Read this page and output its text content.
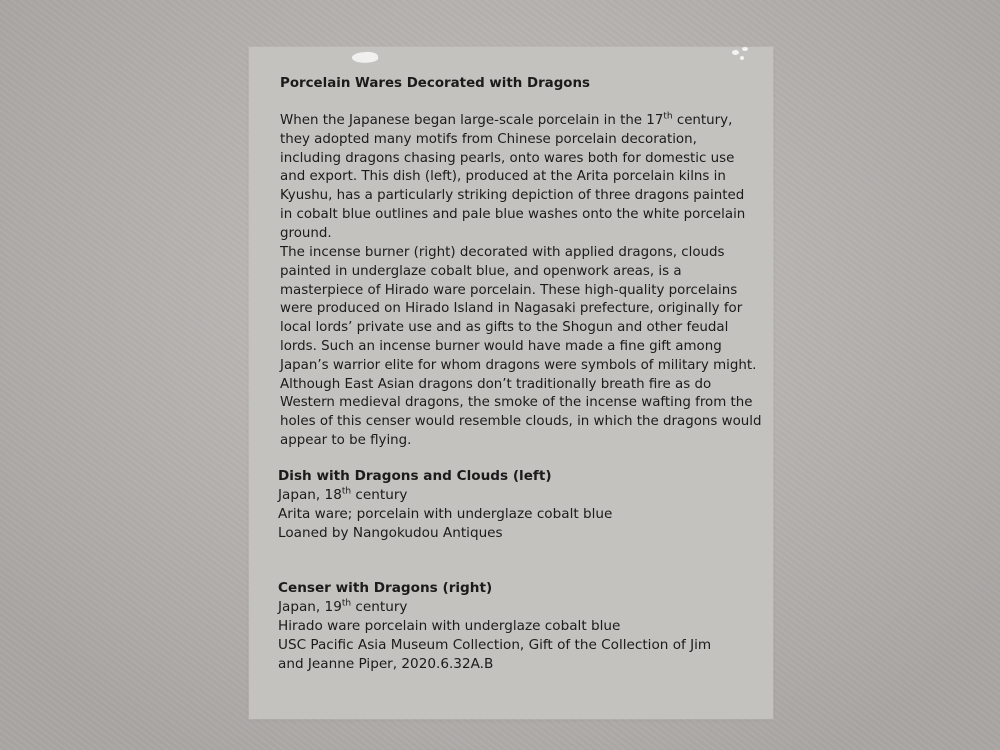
Porcelain Wares Decorated with Dragons
When the Japanese began large-scale porcelain in the 17th century, they adopted many motifs from Chinese porcelain decoration, including dragons chasing pearls, onto wares both for domestic use and export. This dish (left), produced at the Arita porcelain kilns in Kyushu, has a particularly striking depiction of three dragons painted in cobalt blue outlines and pale blue washes onto the white porcelain ground.
The incense burner (right) decorated with applied dragons, clouds painted in underglaze cobalt blue, and openwork areas, is a masterpiece of Hirado ware porcelain. These high-quality porcelains were produced on Hirado Island in Nagasaki prefecture, originally for local lords’ private use and as gifts to the Shogun and other feudal lords. Such an incense burner would have made a fine gift among Japan’s warrior elite for whom dragons were symbols of military might. Although East Asian dragons don’t traditionally breath fire as do Western medieval dragons, the smoke of the incense wafting from the holes of this censer would resemble clouds, in which the dragons would appear to be flying.
Dish with Dragons and Clouds (left)
Japan, 18th century
Arita ware; porcelain with underglaze cobalt blue
Loaned by Nangokudou Antiques
Censer with Dragons (right)
Japan, 19th century
Hirado ware porcelain with underglaze cobalt blue
USC Pacific Asia Museum Collection, Gift of the Collection of Jim and Jeanne Piper, 2020.6.32A.B
